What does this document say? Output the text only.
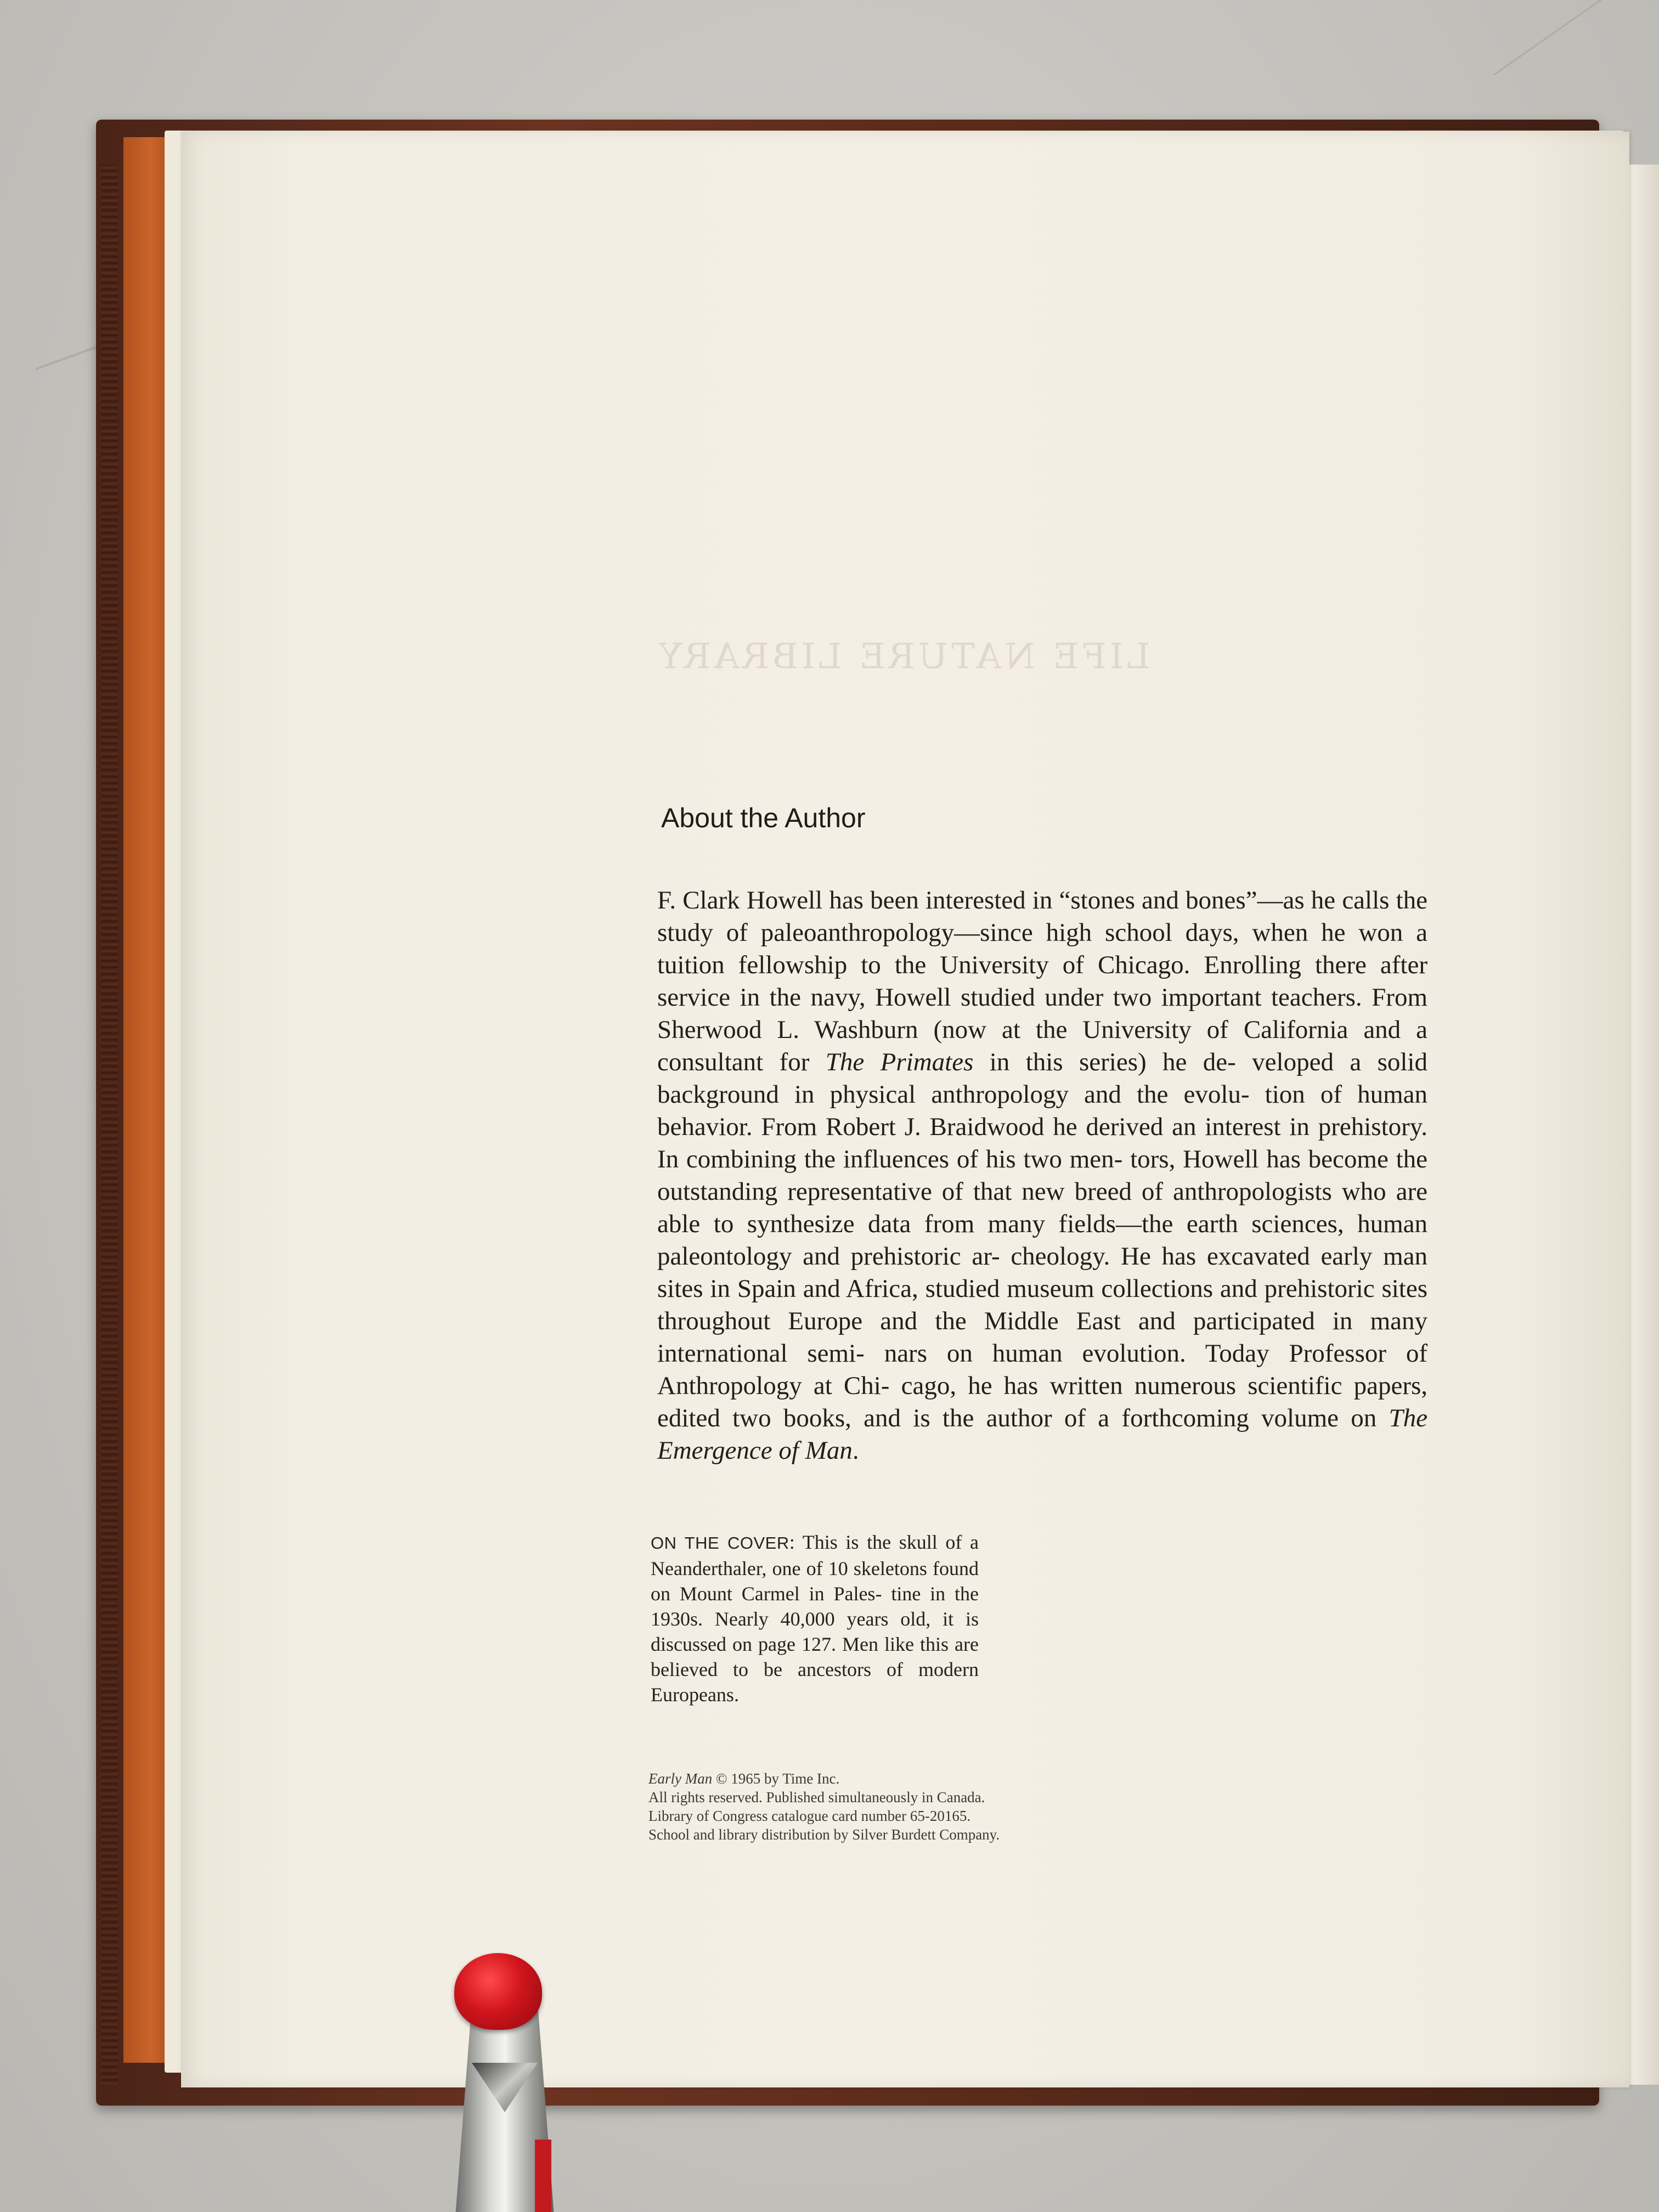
LIFE NATURE LIBRARY
About the Author

F. Clark Howell has been interested in “stones and bones”—as he calls the study of paleoanthropology—since high school days, when he won a tuition fellowship to the University of Chicago. Enrolling there after service in the navy, Howell studied under two important teachers. From Sherwood L. Washburn (now at the University of California and a consultant for The Primates in this series) he de- veloped a solid background in physical anthropology and the evolu- tion of human behavior. From Robert J. Braidwood he derived an interest in prehistory. In combining the influences of his two men- tors, Howell has become the outstanding representative of that new breed of anthropologists who are able to synthesize data from many fields—the earth sciences, human paleontology and prehistoric ar- cheology. He has excavated early man sites in Spain and Africa, studied museum collections and prehistoric sites throughout Europe and the Middle East and participated in many international semi- nars on human evolution. Today Professor of Anthropology at Chi- cago, he has written numerous scientific papers, edited two books, and is the author of a forthcoming volume on The Emergence of Man.

ON THE COVER: This is the skull of a Neanderthaler, one of 10 skeletons found on Mount Carmel in Pales- tine in the 1930s. Nearly 40,000 years old, it is discussed on page 127. Men like this are believed to be ancestors of modern Europeans.
Early Man © 1965 by Time Inc.
All rights reserved. Published simultaneously in Canada.
Library of Congress catalogue card number 65-20165.
School and library distribution by Silver Burdett Company.
